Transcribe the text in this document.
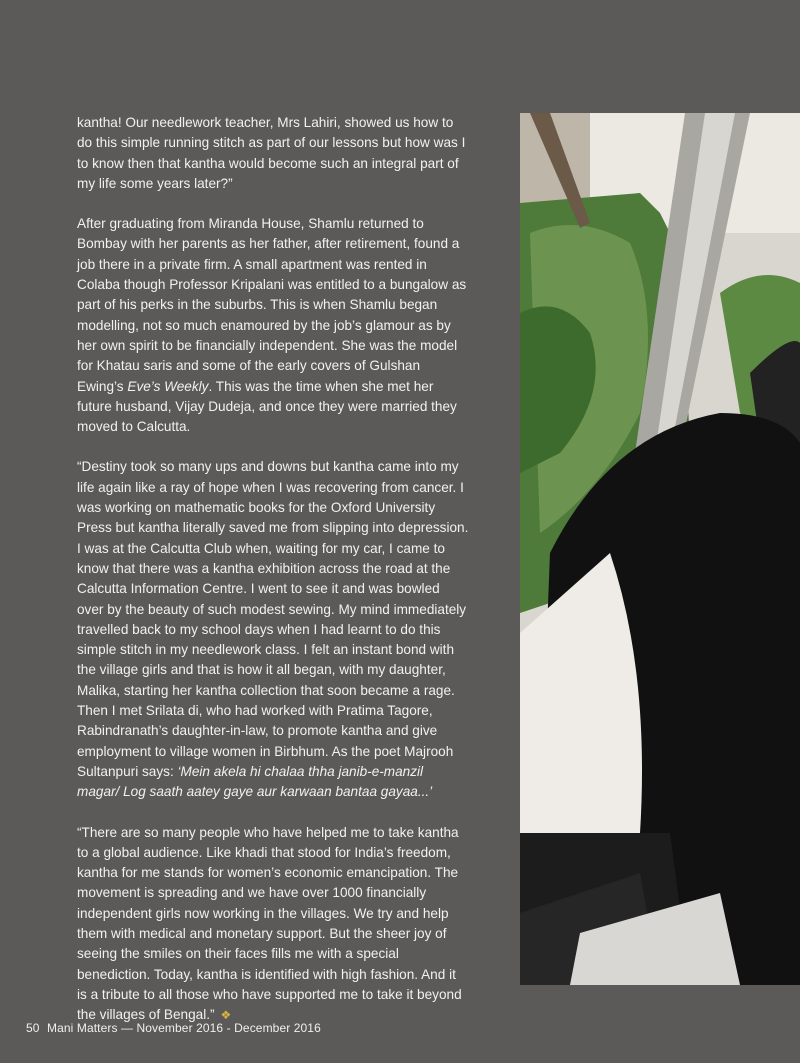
kantha! Our needlework teacher, Mrs Lahiri, showed us how to do this simple running stitch as part of our lessons but how was I to know then that kantha would become such an integral part of my life some years later?”

After graduating from Miranda House, Shamlu returned to Bombay with her parents as her father, after retirement, found a job there in a private firm. A small apartment was rented in Colaba though Professor Kripalani was entitled to a bungalow as part of his perks in the suburbs. This is when Shamlu began modelling, not so much enamoured by the job’s glamour as by her own spirit to be financially independent. She was the model for Khatau saris and some of the early covers of Gulshan Ewing’s Eve’s Weekly. This was the time when she met her future husband, Vijay Dudeja, and once they were married they moved to Calcutta.

“Destiny took so many ups and downs but kantha came into my life again like a ray of hope when I was recovering from cancer. I was working on mathematic books for the Oxford University Press but kantha literally saved me from slipping into depression. I was at the Calcutta Club when, waiting for my car, I came to know that there was a kantha exhibition across the road at the Calcutta Information Centre. I went to see it and was bowled over by the beauty of such modest sewing. My mind immediately travelled back to my school days when I had learnt to do this simple stitch in my needlework class. I felt an instant bond with the village girls and that is how it all began, with my daughter, Malika, starting her kantha collection that soon became a rage. Then I met Srilata di, who had worked with Pratima Tagore, Rabindranath’s daughter-in-law, to promote kantha and give employment to village women in Birbhum. As the poet Majrooh Sultanpuri says: ‘Mein akela hi chalaa thha janib-e-manzil magar/ Log saath aatey gaye aur karwaan bantaa gayaa...’

“There are so many people who have helped me to take kantha to a global audience. Like khadi that stood for India’s freedom, kantha for me stands for women’s economic emancipation. The movement is spreading and we have over 1000 financially independent girls now working in the villages. We try and help them with medical and monetary support. But the sheer joy of seeing the smiles on their faces fills me with a special benediction. Today, kantha is identified with high fashion. And it is a tribute to all those who have supported me to take it beyond the villages of Bengal.” ❖

50 Mani Matters — November 2016 - December 2016
